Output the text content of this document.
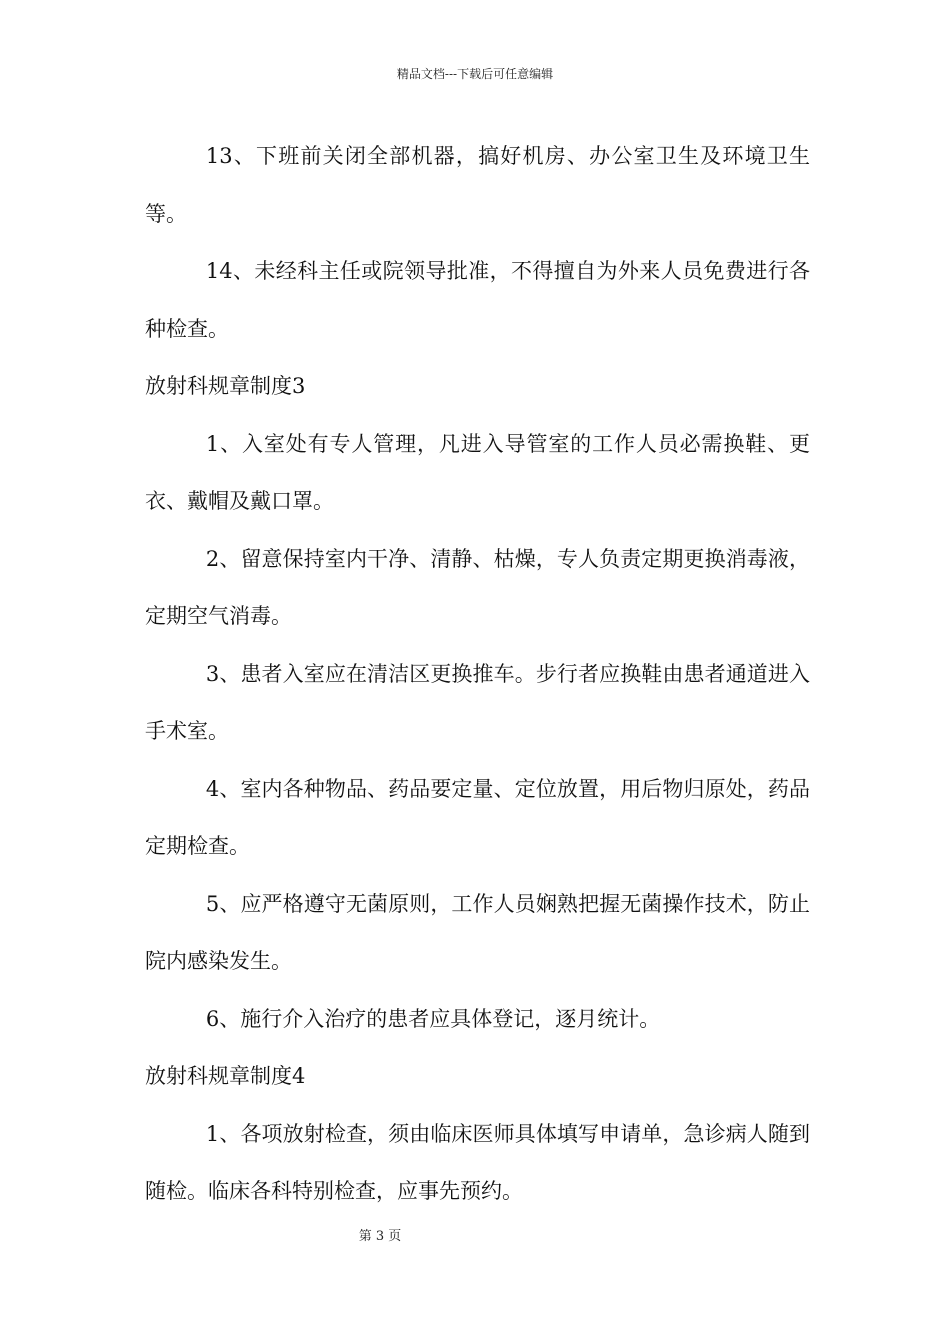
精品文档---下载后可任意编辑

13、下班前关闭全部机器，搞好机房、办公室卫生及环境卫生等。

14、未经科主任或院领导批准，不得擅自为外来人员免费进行各种检查。

放射科规章制度3

1、入室处有专人管理，凡进入导管室的工作人员必需换鞋、更衣、戴帽及戴口罩。

2、留意保持室内干净、清静、枯燥，专人负责定期更换消毒液，定期空气消毒。

3、患者入室应在清洁区更换推车。步行者应换鞋由患者通道进入手术室。

4、室内各种物品、药品要定量、定位放置，用后物归原处，药品定期检查。

5、应严格遵守无菌原则，工作人员娴熟把握无菌操作技术，防止院内感染发生。

6、施行介入治疗的患者应具体登记，逐月统计。

放射科规章制度4

1、各项放射检查，须由临床医师具体填写申请单，急诊病人随到随检。临床各科特别检查，应事先预约。

第 3 页
